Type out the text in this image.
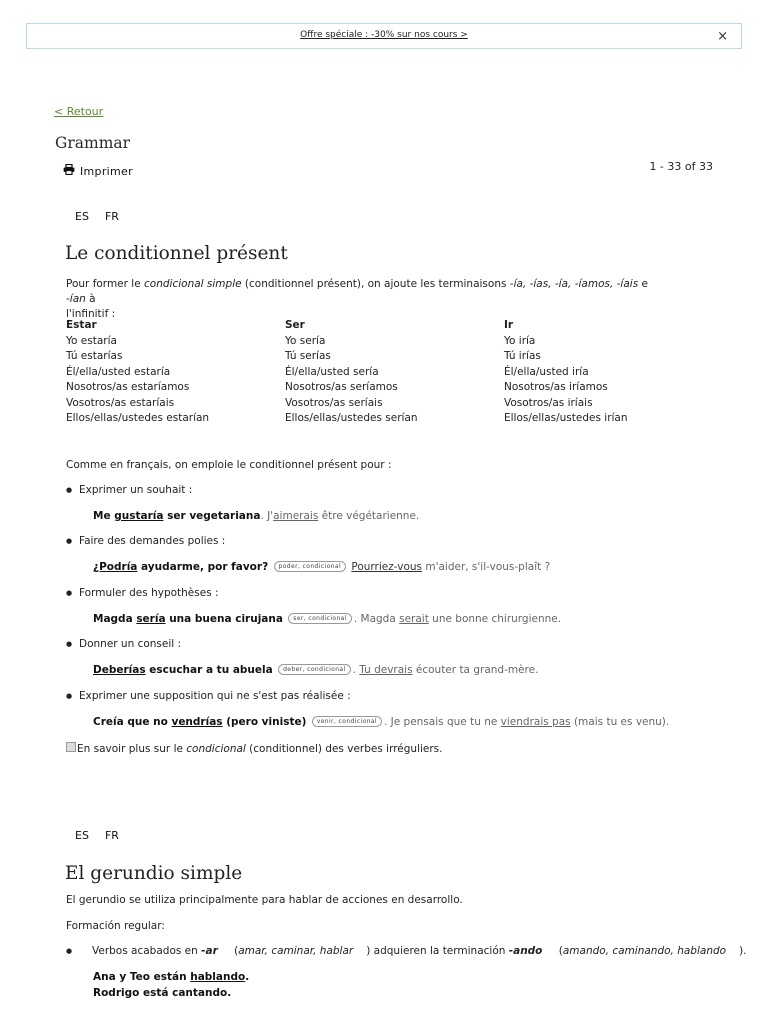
Offre spéciale : -30% sur nos cours >	×
< Retour
Grammar
Imprimer	1 - 33 of 33
ES FR
Le conditionnel présent
Pour former le condicional simple (conditionnel présent), on ajoute les terminaisons -ía, -ías, -ía, -íamos, -íais e -ían à
l'infinitif :
Estar
Yo estaría
Tú estarías
Él/ella/usted estaría
Nosotros/as estaríamos
Vosotros/as estaríais
Ellos/ellas/ustedes estarían
Ser
Yo sería
Tú serías
Él/ella/usted sería
Nosotros/as seríamos
Vosotros/as seríais
Ellos/ellas/ustedes serían
Ir
Yo iría
Tú irías
Él/ella/usted iría
Nosotros/as iríamos
Vosotros/as iríais
Ellos/ellas/ustedes irían
Comme en français, on emploie le conditionnel présent pour :
● Exprimer un souhait :
Me gustaría ser vegetariana. J'aimerais être végétarienne.
● Faire des demandes polies :
¿Podría ayudarme, por favor? poder, condicional Pourriez-vous m'aider, s'il-vous-plaît ?
● Formuler des hypothèses :
Magda sería una buena cirujana ser, condicional . Magda serait une bonne chirurgienne.
● Donner un conseil :
Deberías escuchar a tu abuela deber, condicional . Tu devrais écouter ta grand-mère.
● Exprimer une supposition qui ne s'est pas réalisée :
Creía que no vendrías (pero viniste) venir, condicional . Je pensais que tu ne viendrais pas (mais tu es venu).
En savoir plus sur le condicional (conditionnel) des verbes irréguliers.
ES FR
El gerundio simple
El gerundio se utiliza principalmente para hablar de acciones en desarrollo.
Formación regular:
● Verbos acabados en -ar (amar, caminar, hablar ) adquieren la terminación -ando (amando, caminando, hablando ).
Ana y Teo están hablando.
Rodrigo está cantando.
